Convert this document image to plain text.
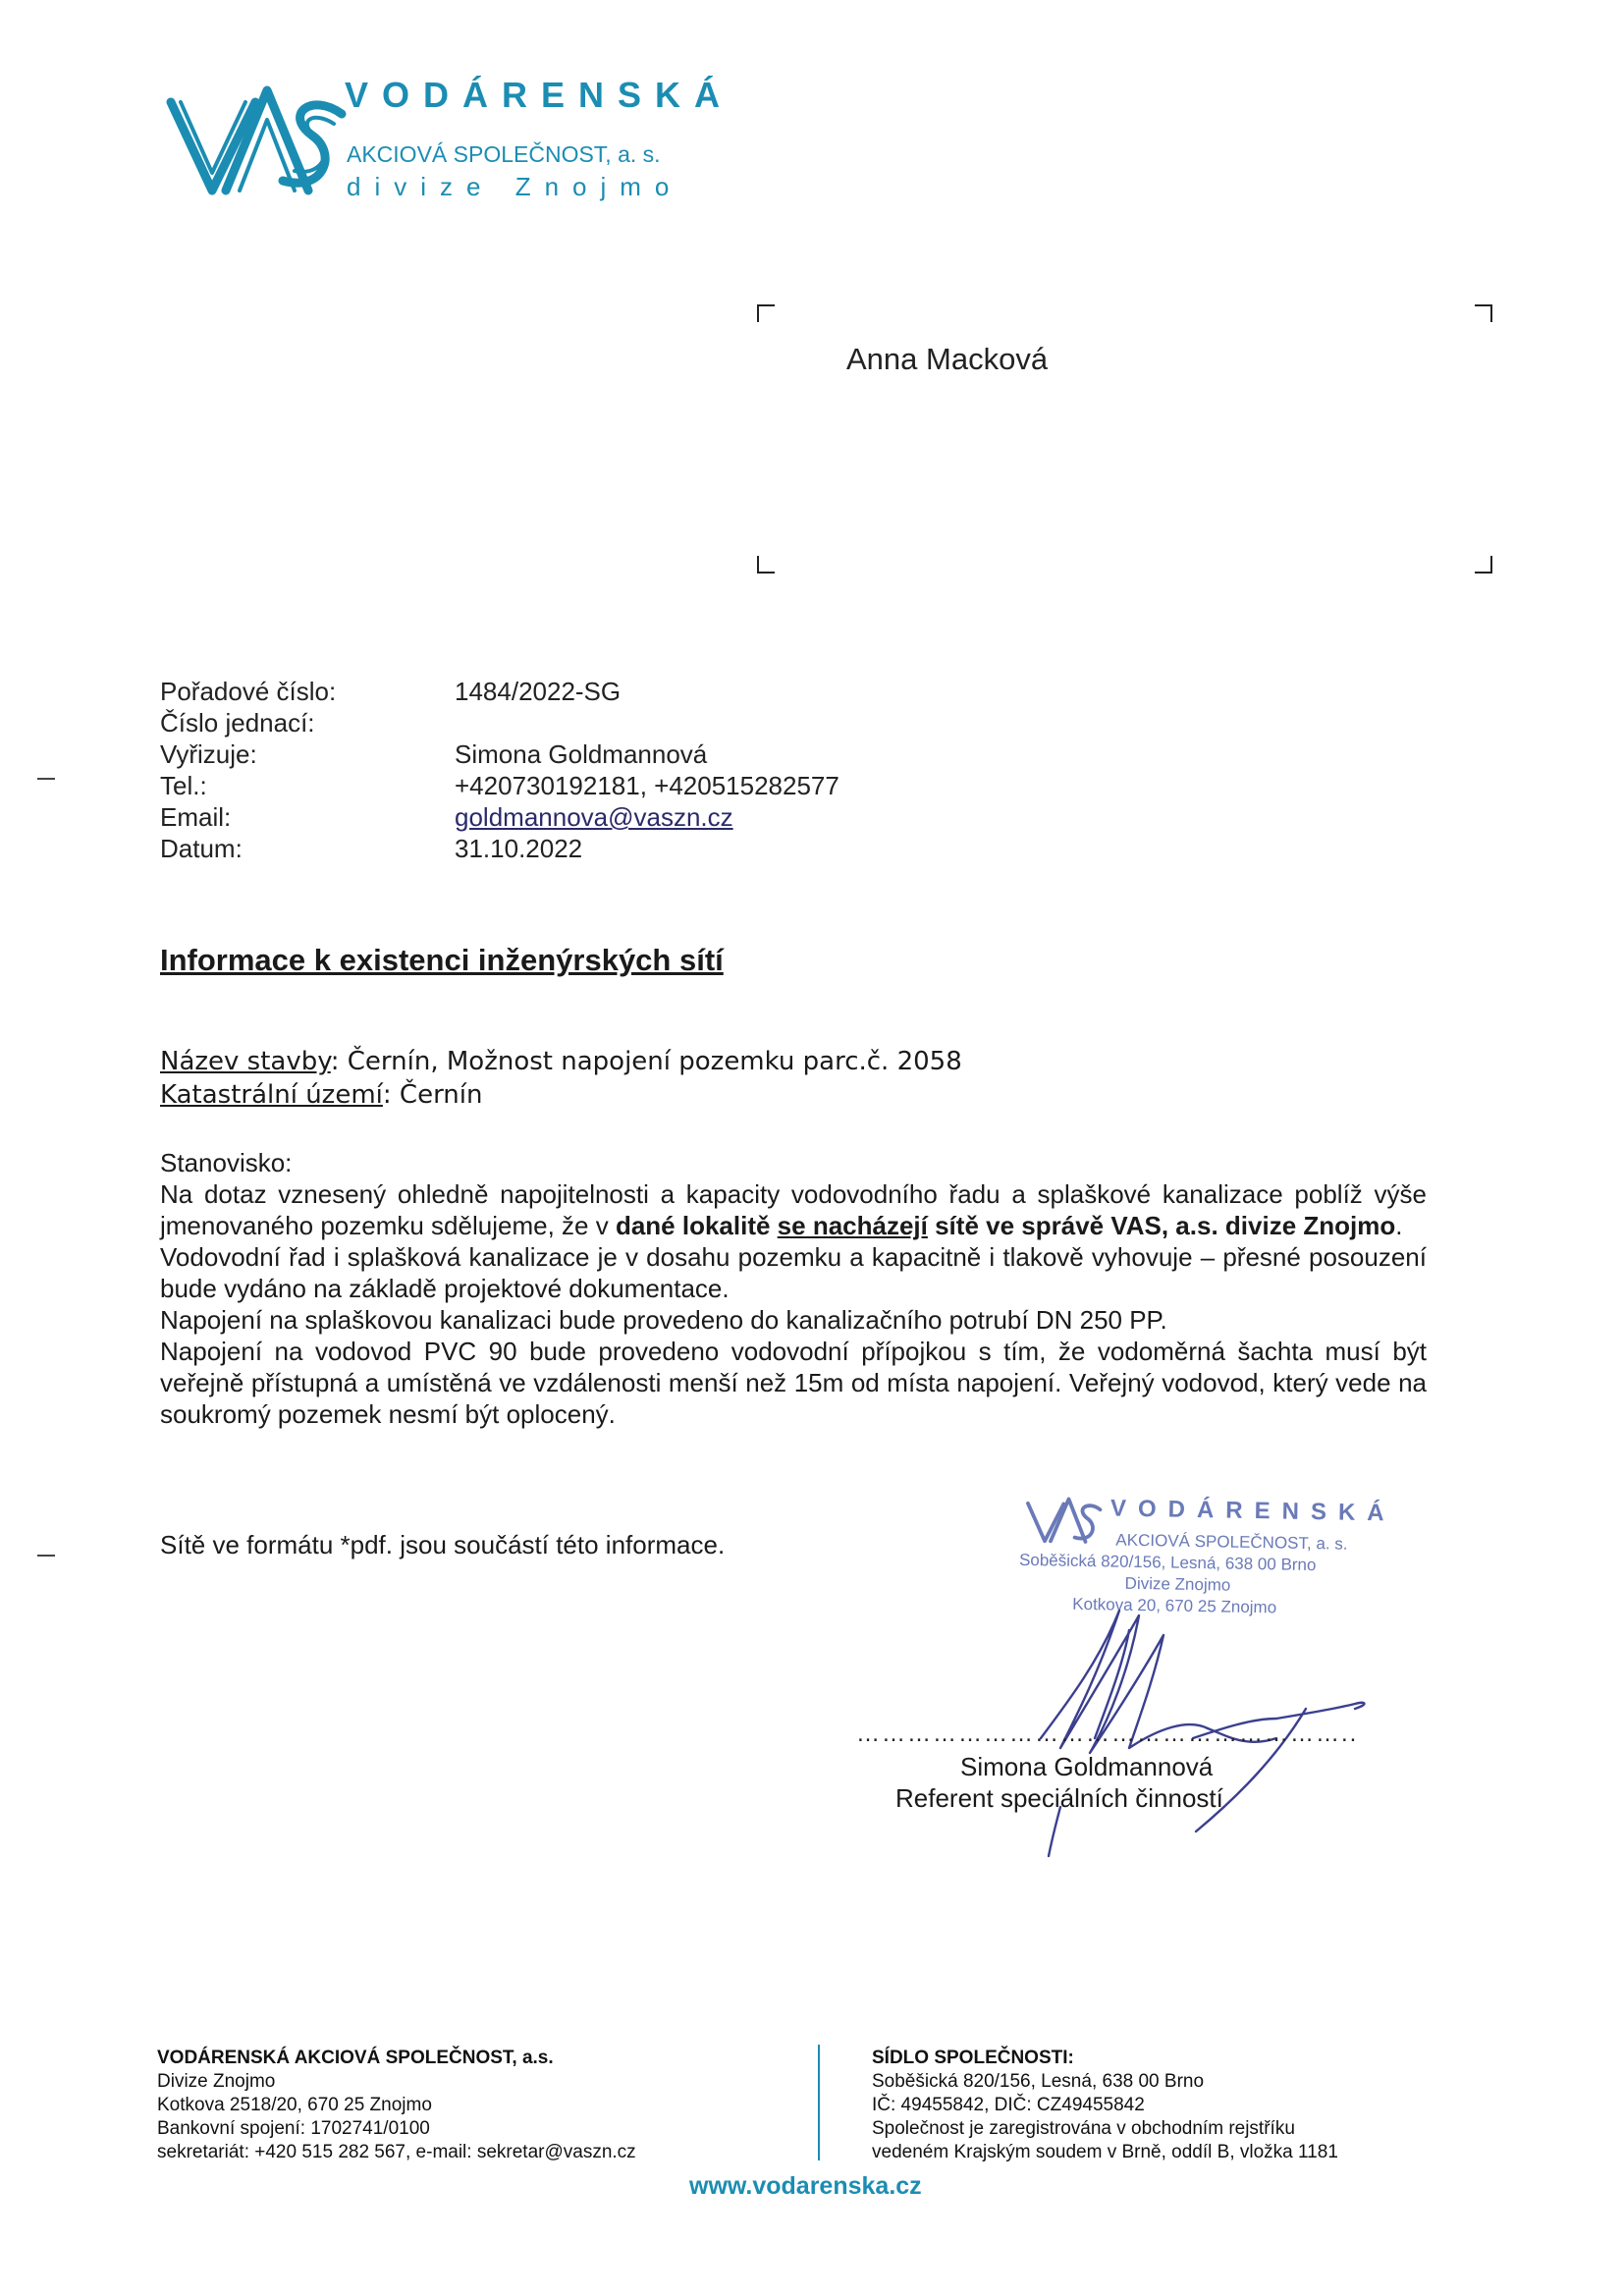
VODÁRENSKÁ
AKCIOVÁ SPOLEČNOST, a. s.
divize Znojmo
Anna Macková
Pořadové číslo:	1484/2022-SG
Číslo jednací:
Vyřizuje:	Simona Goldmannová
Tel.:	+420730192181, +420515282577
Email:	goldmannova@vaszn.cz
Datum:	31.10.2022
Informace k existenci inženýrských sítí
Název stavby: Černín, Možnost napojení pozemku parc.č. 2058
Katastrální území: Černín

Stanovisko:

Na dotaz vznesený ohledně napojitelnosti a kapacity vodovodního řadu a splaškové kanalizace poblíž výše jmenovaného pozemku sdělujeme, že v dané lokalitě se nacházejí sítě ve správě VAS, a.s. divize Znojmo.

Vodovodní řad i splašková kanalizace je v dosahu pozemku a kapacitně i tlakově vyhovuje – přesné posouzení bude vydáno na základě projektové dokumentace.

Napojení na splaškovou kanalizaci bude provedeno do kanalizačního potrubí DN 250 PP.

Napojení na vodovod PVC 90 bude provedeno vodovodní přípojkou s tím, že vodoměrná šachta musí být veřejně přístupná a umístěná ve vzdálenosti menší než 15m od místa napojení. Veřejný vodovod, který vede na soukromý pozemek nesmí být oplocený.

Sítě ve formátu *pdf. jsou součástí této informace.
VODÁRENSKÁ
AKCIOVÁ SPOLEČNOST, a. s.
Soběšická 820/156, Lesná, 638 00 Brno
Divize Znojmo
Kotkova 20, 670 25 Znojmo
…………………………………………………..
Simona Goldmannová
Referent speciálních činností
VODÁRENSKÁ AKCIOVÁ SPOLEČNOST, a.s.
Divize Znojmo
Kotkova 2518/20, 670 25 Znojmo
Bankovní spojení: 1702741/0100
sekretariát: +420 515 282 567, e-mail: sekretar@vaszn.cz
SÍDLO SPOLEČNOSTI:
Soběšická 820/156, Lesná, 638 00 Brno
IČ: 49455842, DIČ: CZ49455842
Společnost je zaregistrována v obchodním rejstříku
vedeném Krajským soudem v Brně, oddíl B, vložka 1181
www.vodarenska.cz
